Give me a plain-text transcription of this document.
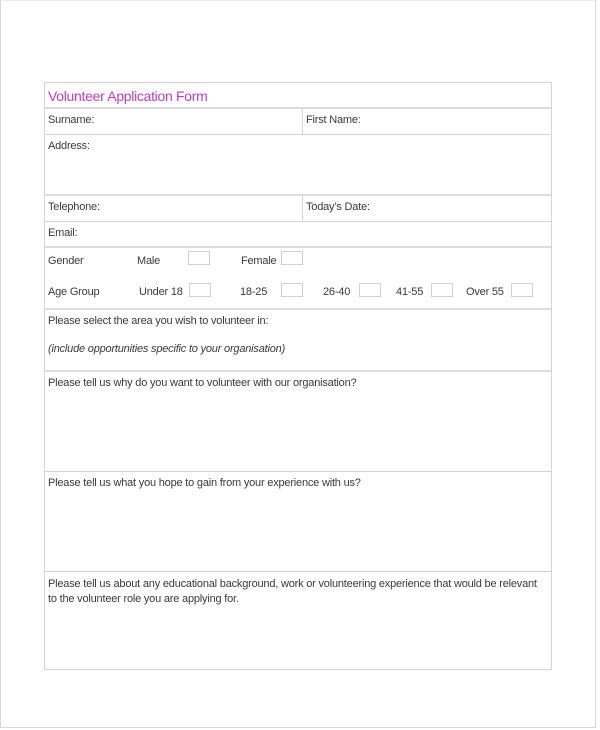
Volunteer Application Form
Surname:	First Name:
Address:
Telephone:	Today’s Date:
Email:
Gender	Male	Female
Age Group	Under 18	18-25	26-40	41-55	Over 55
Please select the area you wish to volunteer in:
(include opportunities specific to your organisation)
Please tell us why do you want to volunteer with our organisation?
Please tell us what you hope to gain from your experience with us?
Please tell us about any educational background, work or volunteering experience that would be relevant to the volunteer role you are applying for.
